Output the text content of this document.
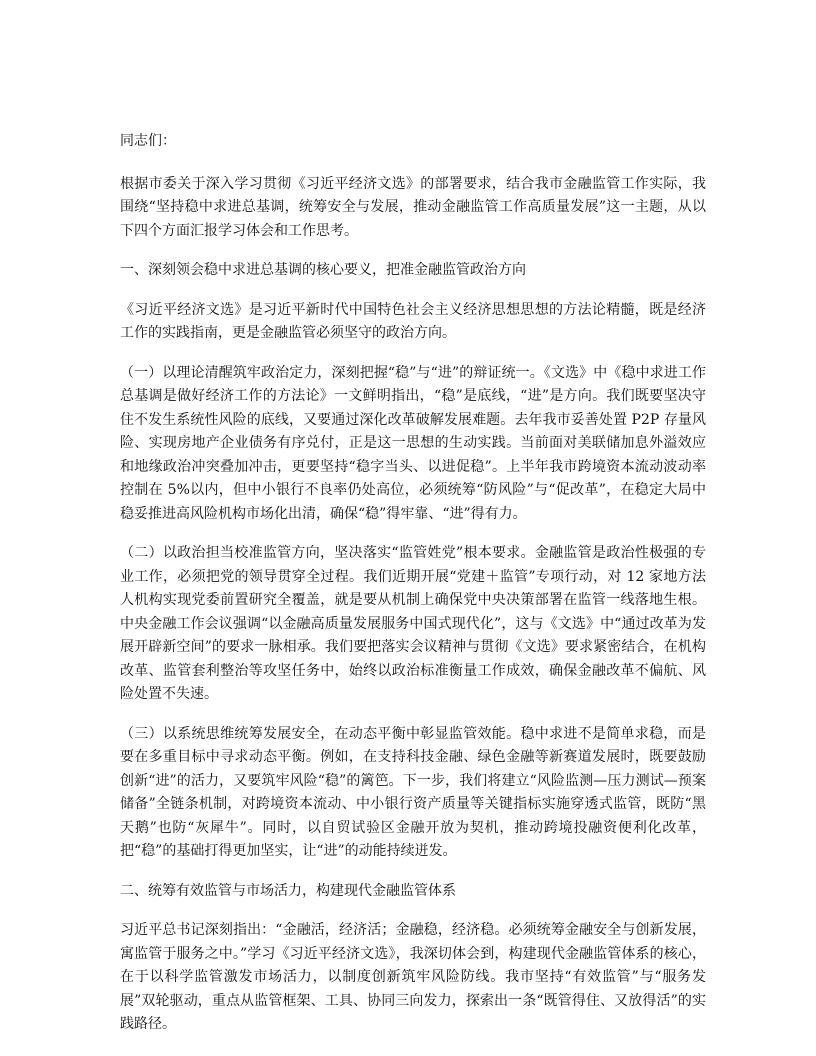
同志们：

根据市委关于深入学习贯彻《习近平经济文选》的部署要求，结合我市金融监管工作实际，我围绕“坚持稳中求进总基调，统筹安全与发展，推动金融监管工作高质量发展”这一主题，从以下四个方面汇报学习体会和工作思考。

一、深刻领会稳中求进总基调的核心要义，把准金融监管政治方向

《习近平经济文选》是习近平新时代中国特色社会主义经济思想思想的方法论精髓，既是经济工作的实践指南，更是金融监管必须坚守的政治方向。

（一）以理论清醒筑牢政治定力，深刻把握“稳”与“进”的辩证统一。《文选》中《稳中求进工作总基调是做好经济工作的方法论》一文鲜明指出，“稳”是底线，“进”是方向。我们既要坚决守住不发生系统性风险的底线，又要通过深化改革破解发展难题。去年我市妥善处置 P2P 存量风险、实现房地产企业债务有序兑付，正是这一思想的生动实践。当前面对美联储加息外溢效应和地缘政治冲突叠加冲击，更要坚持“稳字当头、以进促稳”。上半年我市跨境资本流动波动率控制在 5%以内，但中小银行不良率仍处高位，必须统筹“防风险”与“促改革”，在稳定大局中稳妥推进高风险机构市场化出清，确保“稳”得牢靠、“进”得有力。

（二）以政治担当校准监管方向，坚决落实“监管姓党”根本要求。金融监管是政治性极强的专业工作，必须把党的领导贯穿全过程。我们近期开展“党建＋监管”专项行动，对 12 家地方法人机构实现党委前置研究全覆盖，就是要从机制上确保党中央决策部署在监管一线落地生根。中央金融工作会议强调“以金融高质量发展服务中国式现代化”，这与《文选》中“通过改革为发展开辟新空间”的要求一脉相承。我们要把落实会议精神与贯彻《文选》要求紧密结合，在机构改革、监管套利整治等攻坚任务中，始终以政治标准衡量工作成效，确保金融改革不偏航、风险处置不失速。

（三）以系统思维统筹发展安全，在动态平衡中彰显监管效能。稳中求进不是简单求稳，而是要在多重目标中寻求动态平衡。例如，在支持科技金融、绿色金融等新赛道发展时，既要鼓励创新“进”的活力，又要筑牢风险“稳”的篱笆。下一步，我们将建立“风险监测—压力测试—预案储备”全链条机制，对跨境资本流动、中小银行资产质量等关键指标实施穿透式监管，既防“黑天鹅”也防“灰犀牛”。同时，以自贸试验区金融开放为契机，推动跨境投融资便利化改革，把“稳”的基础打得更加坚实，让“进”的动能持续迸发。

二、统筹有效监管与市场活力，构建现代金融监管体系

习近平总书记深刻指出：“金融活，经济活；金融稳，经济稳。必须统筹金融安全与创新发展，寓监管于服务之中。”学习《习近平经济文选》，我深切体会到，构建现代金融监管体系的核心，在于以科学监管激发市场活力，以制度创新筑牢风险防线。我市坚持“有效监管”与“服务发展”双轮驱动，重点从监管框架、工具、协同三向发力，探索出一条“既管得住、又放得活”的实践路径。
